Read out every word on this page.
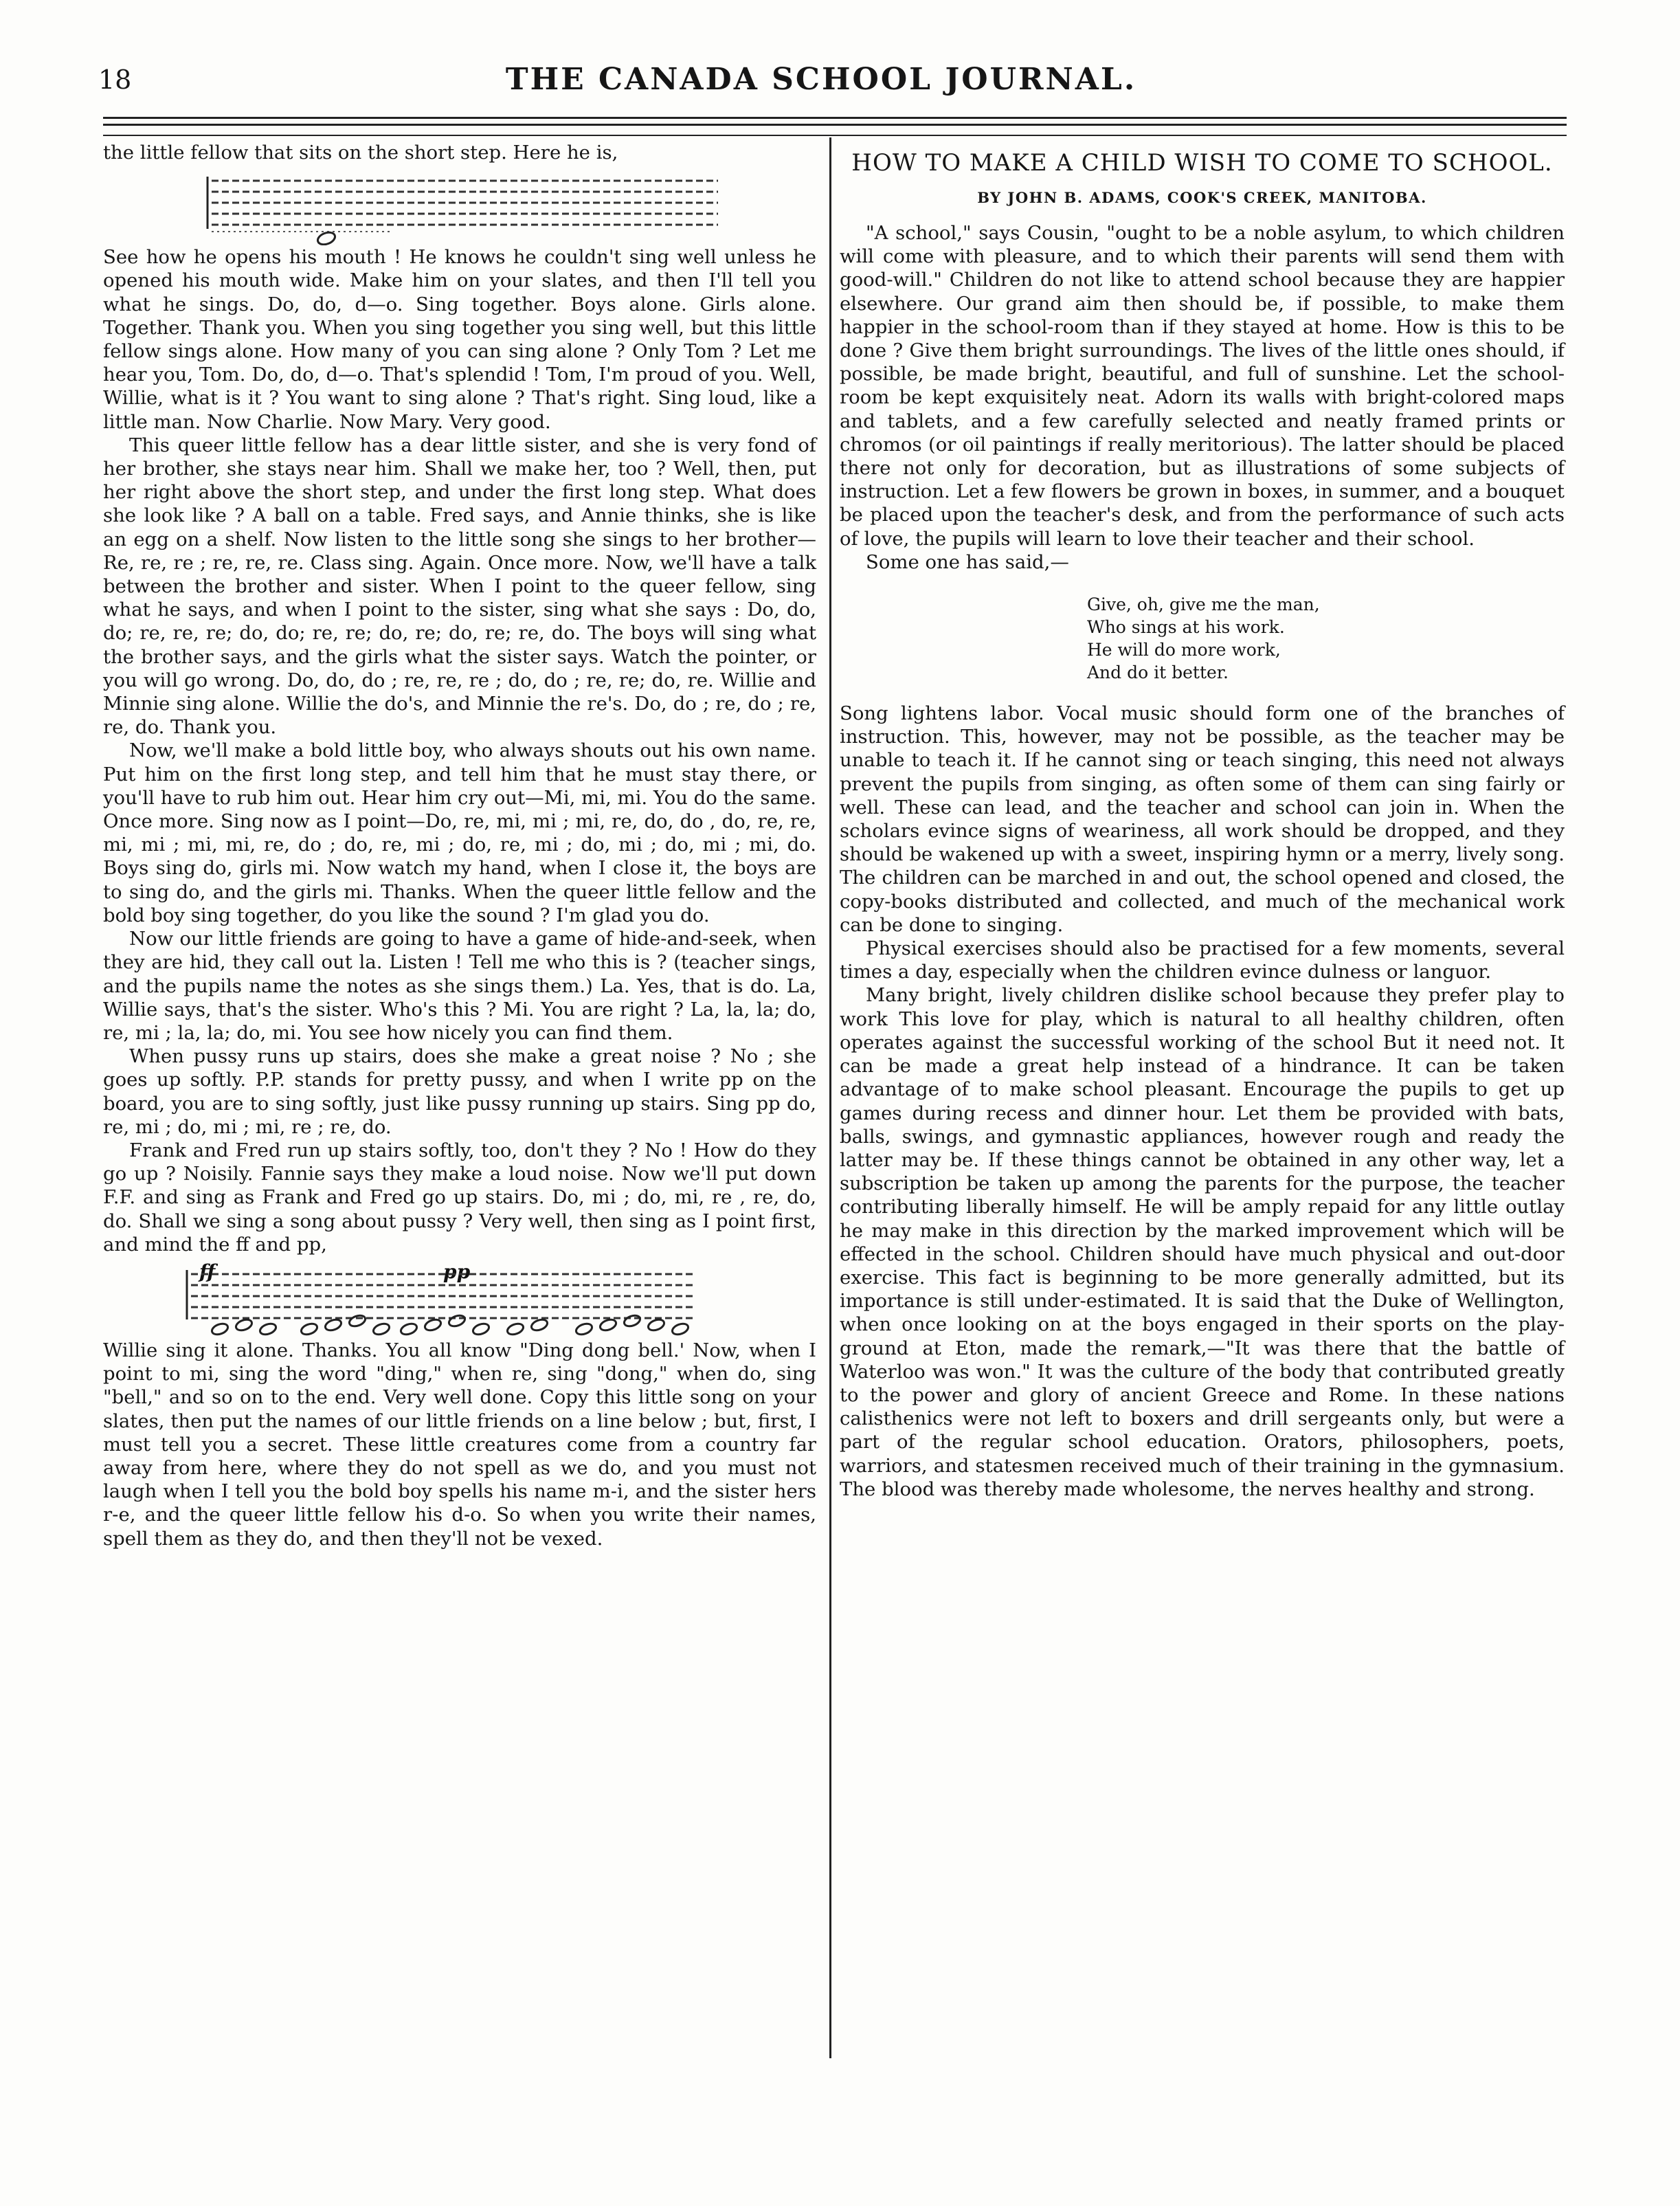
18	THE CANADA SCHOOL JOURNAL.

the little fellow that sits on the short step. Here he is,

See how he opens his mouth ! He knows he couldn't sing well unless he opened his mouth wide. Make him on your slates, and then I'll tell you what he sings. Do, do, d—o. Sing together. Boys alone. Girls alone. Together. Thank you. When you sing together you sing well, but this little fellow sings alone. How many of you can sing alone ? Only Tom ? Let me hear you, Tom. Do, do, d—o. That's splendid ! Tom, I'm proud of you. Well, Willie, what is it ? You want to sing alone ? That's right. Sing loud, like a little man. Now Charlie. Now Mary. Very good.

This queer little fellow has a dear little sister, and she is very fond of her brother, she stays near him. Shall we make her, too ? Well, then, put her right above the short step, and under the first long step. What does she look like ? A ball on a table. Fred says, and Annie thinks, she is like an egg on a shelf. Now listen to the little song she sings to her brother—Re, re, re ; re, re, re. Class sing. Again. Once more. Now, we'll have a talk between the brother and sister. When I point to the queer fellow, sing what he says, and when I point to the sister, sing what she says : Do, do, do; re, re, re; do, do; re, re; do, re; do, re; re, do. The boys will sing what the brother says, and the girls what the sister says. Watch the pointer, or you will go wrong. Do, do, do ; re, re, re ; do, do ; re, re; do, re. Willie and Minnie sing alone. Willie the do's, and Minnie the re's. Do, do ; re, do ; re, re, do. Thank you.

Now, we'll make a bold little boy, who always shouts out his own name. Put him on the first long step, and tell him that he must stay there, or you'll have to rub him out. Hear him cry out—Mi, mi, mi. You do the same. Once more. Sing now as I point—Do, re, mi, mi ; mi, re, do, do , do, re, re, mi, mi ; mi, mi, re, do ; do, re, mi ; do, re, mi ; do, mi ; do, mi ; mi, do. Boys sing do, girls mi. Now watch my hand, when I close it, the boys are to sing do, and the girls mi. Thanks. When the queer little fellow and the bold boy sing together, do you like the sound ? I'm glad you do.

Now our little friends are going to have a game of hide-and-seek, when they are hid, they call out la. Listen ! Tell me who this is ? (teacher sings, and the pupils name the notes as she sings them.) La. Yes, that is do. La, Willie says, that's the sister. Who's this ? Mi. You are right ? La, la, la; do, re, mi ; la, la; do, mi. You see how nicely you can find them.

When pussy runs up stairs, does she make a great noise ? No ; she goes up softly. P.P. stands for pretty pussy, and when I write pp on the board, you are to sing softly, just like pussy running up stairs. Sing pp do, re, mi ; do, mi ; mi, re ; re, do.

Frank and Fred run up stairs softly, too, don't they ? No ! How do they go up ? Noisily. Fannie says they make a loud noise. Now we'll put down F.F. and sing as Frank and Fred go up stairs. Do, mi ; do, mi, re , re, do, do. Shall we sing a song about pussy ? Very well, then sing as I point first, and mind the ff and pp,

ff	pp

Willie sing it alone. Thanks. You all know "Ding dong bell.' Now, when I point to mi, sing the word "ding," when re, sing "dong," when do, sing "bell," and so on to the end. Very well done. Copy this little song on your slates, then put the names of our little friends on a line below ; but, first, I must tell you a secret. These little creatures come from a country far away from here, where they do not spell as we do, and you must not laugh when I tell you the bold boy spells his name m-i, and the sister hers r-e, and the queer little fellow his d-o. So when you write their names, spell them as they do, and then they'll not be vexed.

HOW TO MAKE A CHILD WISH TO COME TO SCHOOL.
BY JOHN B. ADAMS, COOK'S CREEK, MANITOBA.

"A school," says Cousin, "ought to be a noble asylum, to which children will come with pleasure, and to which their parents will send them with good-will." Children do not like to attend school because they are happier elsewhere. Our grand aim then should be, if possible, to make them happier in the school-room than if they stayed at home. How is this to be done ? Give them bright surroundings. The lives of the little ones should, if possible, be made bright, beautiful, and full of sunshine. Let the school-room be kept exquisitely neat. Adorn its walls with bright-colored maps and tablets, and a few carefully selected and neatly framed prints or chromos (or oil paintings if really meritorious). The latter should be placed there not only for decoration, but as illustrations of some subjects of instruction. Let a few flowers be grown in boxes, in summer, and a bouquet be placed upon the teacher's desk, and from the performance of such acts of love, the pupils will learn to love their teacher and their school.

Some one has said,—

Give, oh, give me the man,
Who sings at his work.
He will do more work,
And do it better.

Song lightens labor. Vocal music should form one of the branches of instruction. This, however, may not be possible, as the teacher may be unable to teach it. If he cannot sing or teach singing, this need not always prevent the pupils from singing, as often some of them can sing fairly or well. These can lead, and the teacher and school can join in. When the scholars evince signs of weariness, all work should be dropped, and they should be wakened up with a sweet, inspiring hymn or a merry, lively song. The children can be marched in and out, the school opened and closed, the copy-books distributed and collected, and much of the mechanical work can be done to singing.

Physical exercises should also be practised for a few moments, several times a day, especially when the children evince dulness or languor.

Many bright, lively children dislike school because they prefer play to work This love for play, which is natural to all healthy children, often operates against the successful working of the school But it need not. It can be made a great help instead of a hindrance. It can be taken advantage of to make school pleasant. Encourage the pupils to get up games during recess and dinner hour. Let them be provided with bats, balls, swings, and gymnastic appliances, however rough and ready the latter may be. If these things cannot be obtained in any other way, let a subscription be taken up among the parents for the purpose, the teacher contributing liberally himself. He will be amply repaid for any little outlay he may make in this direction by the marked improvement which will be effected in the school. Children should have much physical and out-door exercise. This fact is beginning to be more generally admitted, but its importance is still under-estimated. It is said that the Duke of Wellington, when once looking on at the boys engaged in their sports on the play-ground at Eton, made the remark,—"It was there that the battle of Waterloo was won." It was the culture of the body that contributed greatly to the power and glory of ancient Greece and Rome. In these nations calisthenics were not left to boxers and drill sergeants only, but were a part of the regular school education. Orators, philosophers, poets, warriors, and statesmen received much of their training in the gymnasium. The blood was thereby made wholesome, the nerves healthy and strong.
